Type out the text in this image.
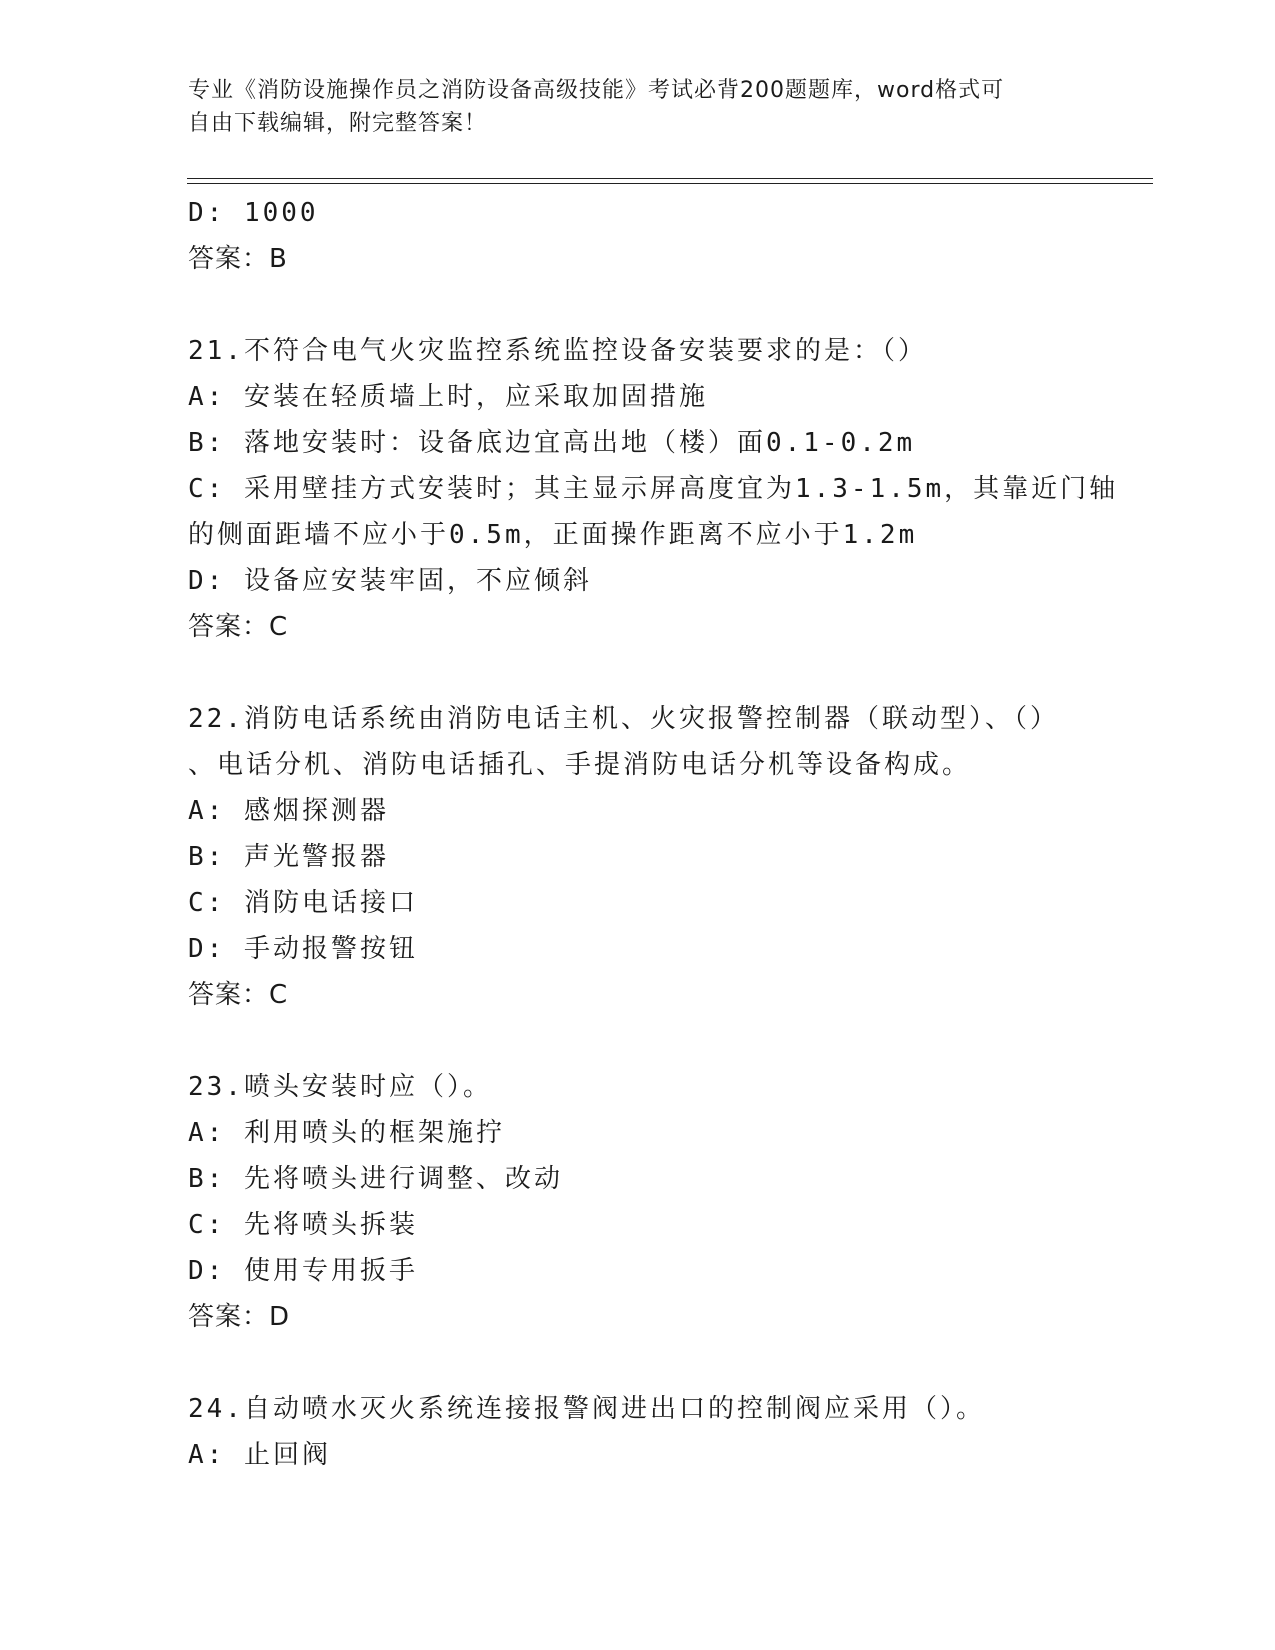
专业《消防设施操作员之消防设备高级技能》考试必背200题题库，word格式可
自由下载编辑，附完整答案！
D: 1000
答案：B
21.不符合电气火灾监控系统监控设备安装要求的是：（）
A: 安装在轻质墙上时，应采取加固措施
B: 落地安装时：设备底边宜高出地（楼）面0.1-0.2m
C: 采用壁挂方式安装时；其主显示屏高度宜为1.3-1.5m，其靠近门轴
的侧面距墙不应小于0.5m，正面操作距离不应小于1.2m
D: 设备应安装牢固，不应倾斜
答案：C
22.消防电话系统由消防电话主机、火灾报警控制器（联动型）、（）
、电话分机、消防电话插孔、手提消防电话分机等设备构成。
A: 感烟探测器
B: 声光警报器
C: 消防电话接口
D: 手动报警按钮
答案：C
23.喷头安装时应（）。
A: 利用喷头的框架施拧
B: 先将喷头进行调整、改动
C: 先将喷头拆装
D: 使用专用扳手
答案：D
24.自动喷水灭火系统连接报警阀进出口的控制阀应采用（）。
A: 止回阀
